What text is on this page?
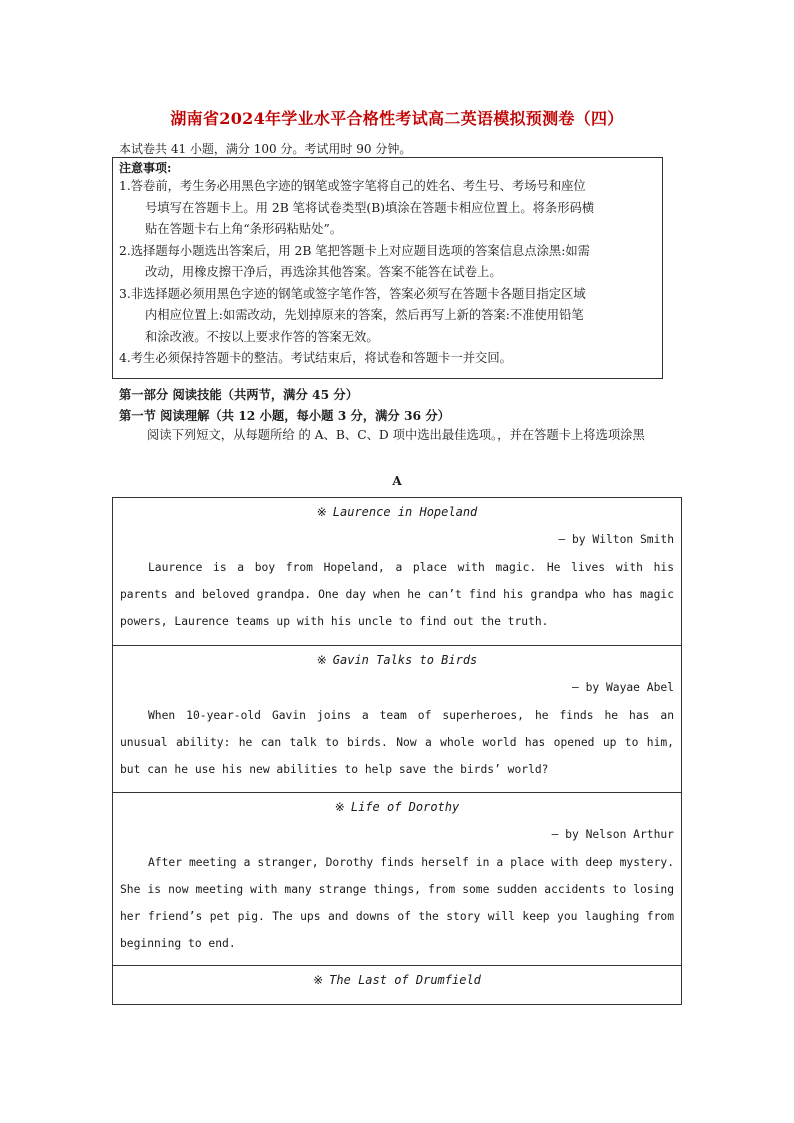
湖南省2024年学业水平合格性考试高二英语模拟预测卷（四）
本试卷共 41 小题，满分 100 分。考试用时 90 分钟。
注意事项:
1.答卷前，考生务必用黑色字迹的钢笔或签字笔将自己的姓名、考生号、考场号和座位
号填写在答题卡上。用 2B 笔将试卷类型(B)填涂在答题卡相应位置上。将条形码横
贴在答题卡右上角“条形码粘贴处”。
2.选择题每小题选出答案后，用 2B 笔把答题卡上对应题目选项的答案信息点涂黑:如需
改动，用橡皮擦干净后，再选涂其他答案。答案不能答在试卷上。
3.非选择题必须用黑色字迹的钢笔或签字笔作答，答案必须写在答题卡各题目指定区域
内相应位置上:如需改动，先划掉原来的答案，然后再写上新的答案:不准使用铅笔
和涂改液。不按以上要求作答的答案无效。
4.考生必须保持答题卡的整洁。考试结束后，将试卷和答题卡一并交回。
第一部分 阅读技能（共两节，满分 45 分）
第一节 阅读理解（共 12 小题，每小题 3 分，满分 36 分）
阅读下列短文，从每题所给 的 A、B、C、D 项中选出最佳选项。，并在答题卡上将选项涂黑
A
※ Laurence in Hopeland
— by Wilton Smith
Laurence is a boy from Hopeland, a place with magic. He lives with his parents and beloved grandpa. One day when he can’t find his grandpa who has magic powers, Laurence teams up with his uncle to find out the truth.
※ Gavin Talks to Birds
— by Wayae Abel
When 10-year-old Gavin joins a team of superheroes, he finds he has an unusual ability: he can talk to birds. Now a whole world has opened up to him, but can he use his new abilities to help save the birds’ world?
※ Life of Dorothy
— by Nelson Arthur
After meeting a stranger, Dorothy finds herself in a place with deep mystery. She is now meeting with many strange things, from some sudden accidents to losing her friend’s pet pig. The ups and downs of the story will keep you laughing from beginning to end.
※ The Last of Drumfield
